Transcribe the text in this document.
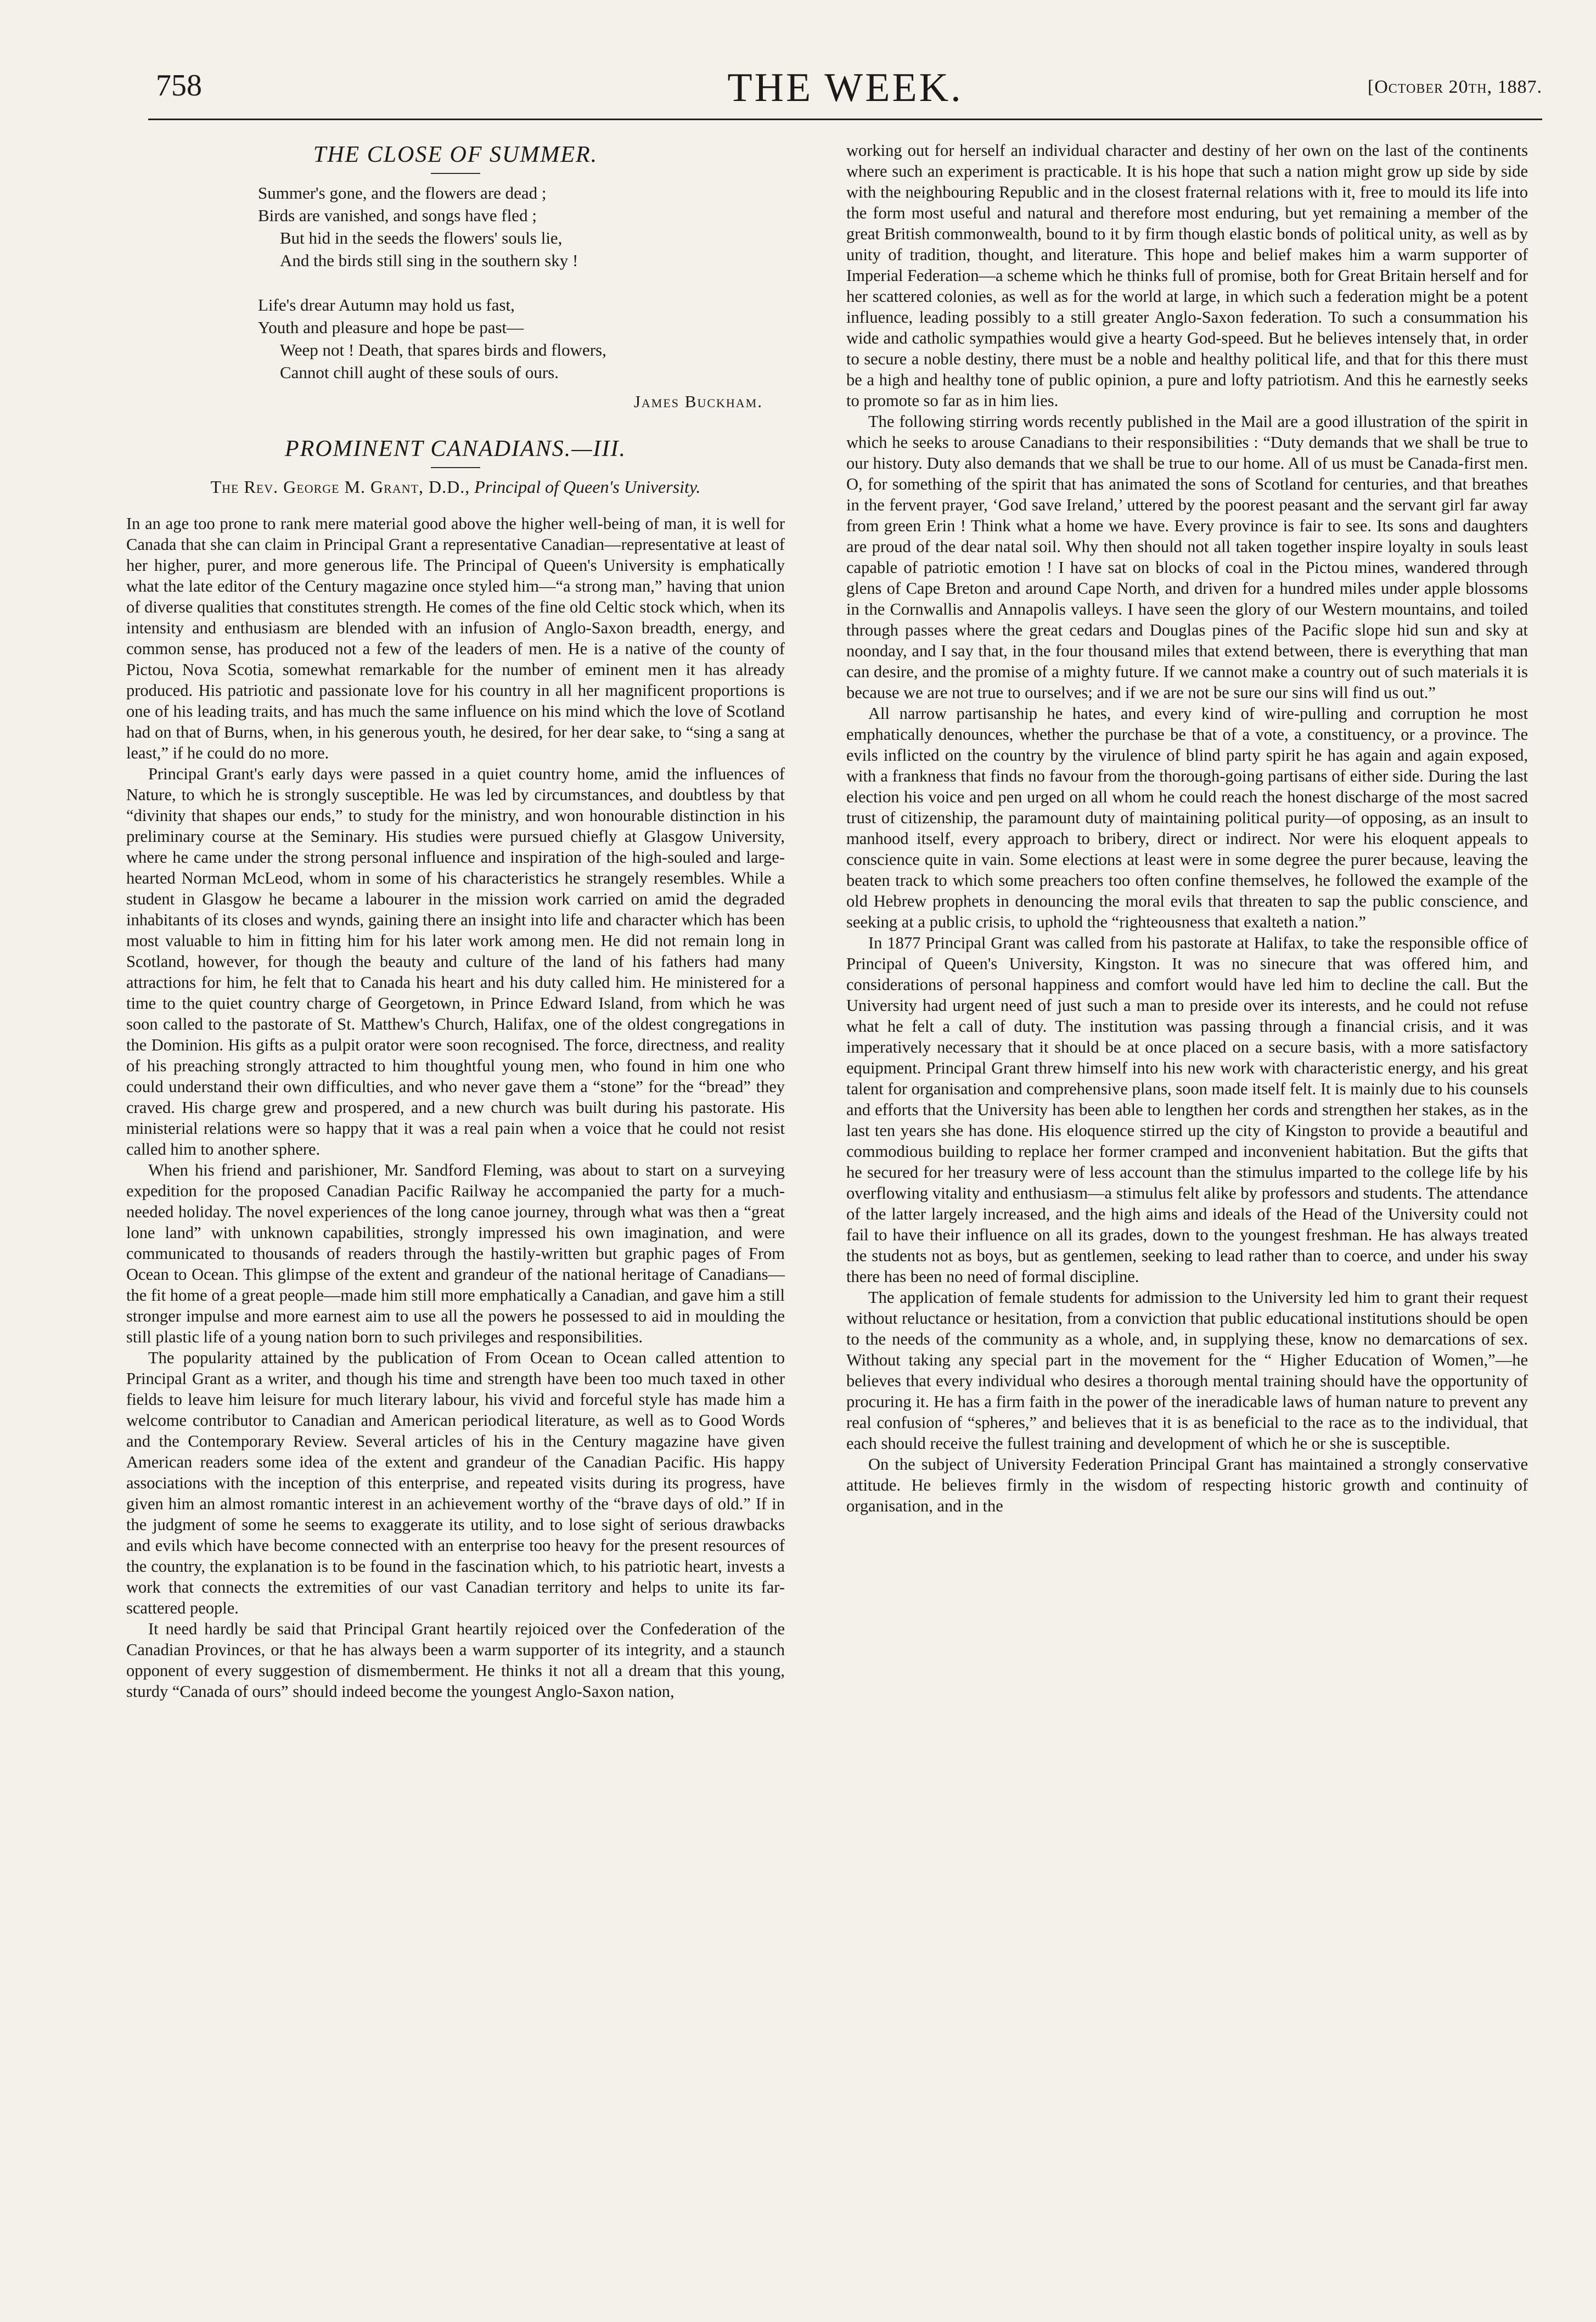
758	THE WEEK.	[October 20th, 1887.
THE CLOSE OF SUMMER.
Summer's gone, and the flowers are dead ;
Birds are vanished, and songs have fled ;
But hid in the seeds the flowers' souls lie,
And the birds still sing in the southern sky !
Life's drear Autumn may hold us fast,
Youth and pleasure and hope be past—
Weep not ! Death, that spares birds and flowers,
Cannot chill aught of these souls of ours.
James Buckham.
PROMINENT CANADIANS.—III.
The Rev. George M. Grant, D.D., Principal of Queen's University.

In an age too prone to rank mere material good above the higher well-being of man, it is well for Canada that she can claim in Principal Grant a representative Canadian—representative at least of her higher, purer, and more generous life. The Principal of Queen's University is emphatically what the late editor of the Century magazine once styled him—“a strong man,” having that union of diverse qualities that constitutes strength. He comes of the fine old Celtic stock which, when its intensity and enthusiasm are blended with an infusion of Anglo-Saxon breadth, energy, and common sense, has produced not a few of the leaders of men. He is a native of the county of Pictou, Nova Scotia, somewhat remarkable for the number of eminent men it has already produced. His patriotic and passionate love for his country in all her magnificent proportions is one of his leading traits, and has much the same influence on his mind which the love of Scotland had on that of Burns, when, in his generous youth, he desired, for her dear sake, to “sing a sang at least,” if he could do no more.

Principal Grant's early days were passed in a quiet country home, amid the influences of Nature, to which he is strongly susceptible. He was led by circumstances, and doubtless by that “divinity that shapes our ends,” to study for the ministry, and won honourable distinction in his preliminary course at the Seminary. His studies were pursued chiefly at Glasgow University, where he came under the strong personal influence and inspiration of the high-souled and large-hearted Norman McLeod, whom in some of his characteristics he strangely resembles. While a student in Glasgow he became a labourer in the mission work carried on amid the degraded inhabitants of its closes and wynds, gaining there an insight into life and character which has been most valuable to him in fitting him for his later work among men. He did not remain long in Scotland, however, for though the beauty and culture of the land of his fathers had many attractions for him, he felt that to Canada his heart and his duty called him. He ministered for a time to the quiet country charge of Georgetown, in Prince Edward Island, from which he was soon called to the pastorate of St. Matthew's Church, Halifax, one of the oldest congregations in the Dominion. His gifts as a pulpit orator were soon recognised. The force, directness, and reality of his preaching strongly attracted to him thoughtful young men, who found in him one who could understand their own difficulties, and who never gave them a “stone” for the “bread” they craved. His charge grew and prospered, and a new church was built during his pastorate. His ministerial relations were so happy that it was a real pain when a voice that he could not resist called him to another sphere.

When his friend and parishioner, Mr. Sandford Fleming, was about to start on a surveying expedition for the proposed Canadian Pacific Railway he accompanied the party for a much-needed holiday. The novel experiences of the long canoe journey, through what was then a “great lone land” with unknown capabilities, strongly impressed his own imagination, and were communicated to thousands of readers through the hastily-written but graphic pages of From Ocean to Ocean. This glimpse of the extent and grandeur of the national heritage of Canadians—the fit home of a great people—made him still more emphatically a Canadian, and gave him a still stronger impulse and more earnest aim to use all the powers he possessed to aid in moulding the still plastic life of a young nation born to such privileges and responsibilities.

The popularity attained by the publication of From Ocean to Ocean called attention to Principal Grant as a writer, and though his time and strength have been too much taxed in other fields to leave him leisure for much literary labour, his vivid and forceful style has made him a welcome contributor to Canadian and American periodical literature, as well as to Good Words and the Contemporary Review. Several articles of his in the Century magazine have given American readers some idea of the extent and grandeur of the Canadian Pacific. His happy associations with the inception of this enterprise, and repeated visits during its progress, have given him an almost romantic interest in an achievement worthy of the “brave days of old.” If in the judgment of some he seems to exaggerate its utility, and to lose sight of serious drawbacks and evils which have become connected with an enterprise too heavy for the present resources of the country, the explanation is to be found in the fascination which, to his patriotic heart, invests a work that connects the extremities of our vast Canadian territory and helps to unite its far-scattered people.

It need hardly be said that Principal Grant heartily rejoiced over the Confederation of the Canadian Provinces, or that he has always been a warm supporter of its integrity, and a staunch opponent of every suggestion of dismemberment. He thinks it not all a dream that this young, sturdy “Canada of ours” should indeed become the youngest Anglo-Saxon nation,

working out for herself an individual character and destiny of her own on the last of the continents where such an experiment is practicable. It is his hope that such a nation might grow up side by side with the neighbouring Republic and in the closest fraternal relations with it, free to mould its life into the form most useful and natural and therefore most enduring, but yet remaining a member of the great British commonwealth, bound to it by firm though elastic bonds of political unity, as well as by unity of tradition, thought, and literature. This hope and belief makes him a warm supporter of Imperial Federation—a scheme which he thinks full of promise, both for Great Britain herself and for her scattered colonies, as well as for the world at large, in which such a federation might be a potent influence, leading possibly to a still greater Anglo-Saxon federation. To such a consummation his wide and catholic sympathies would give a hearty God-speed. But he believes intensely that, in order to secure a noble destiny, there must be a noble and healthy political life, and that for this there must be a high and healthy tone of public opinion, a pure and lofty patriotism. And this he earnestly seeks to promote so far as in him lies.

The following stirring words recently published in the Mail are a good illustration of the spirit in which he seeks to arouse Canadians to their responsibilities : “Duty demands that we shall be true to our history. Duty also demands that we shall be true to our home. All of us must be Canada-first men. O, for something of the spirit that has animated the sons of Scotland for centuries, and that breathes in the fervent prayer, ‘God save Ireland,’ uttered by the poorest peasant and the servant girl far away from green Erin ! Think what a home we have. Every province is fair to see. Its sons and daughters are proud of the dear natal soil. Why then should not all taken together inspire loyalty in souls least capable of patriotic emotion ! I have sat on blocks of coal in the Pictou mines, wandered through glens of Cape Breton and around Cape North, and driven for a hundred miles under apple blossoms in the Cornwallis and Annapolis valleys. I have seen the glory of our Western mountains, and toiled through passes where the great cedars and Douglas pines of the Pacific slope hid sun and sky at noonday, and I say that, in the four thousand miles that extend between, there is everything that man can desire, and the promise of a mighty future. If we cannot make a country out of such materials it is because we are not true to ourselves; and if we are not be sure our sins will find us out.”

All narrow partisanship he hates, and every kind of wire-pulling and corruption he most emphatically denounces, whether the purchase be that of a vote, a constituency, or a province. The evils inflicted on the country by the virulence of blind party spirit he has again and again exposed, with a frankness that finds no favour from the thorough-going partisans of either side. During the last election his voice and pen urged on all whom he could reach the honest discharge of the most sacred trust of citizenship, the paramount duty of maintaining political purity—of opposing, as an insult to manhood itself, every approach to bribery, direct or indirect. Nor were his eloquent appeals to conscience quite in vain. Some elections at least were in some degree the purer because, leaving the beaten track to which some preachers too often confine themselves, he followed the example of the old Hebrew prophets in denouncing the moral evils that threaten to sap the public conscience, and seeking at a public crisis, to uphold the “righteousness that exalteth a nation.”

In 1877 Principal Grant was called from his pastorate at Halifax, to take the responsible office of Principal of Queen's University, Kingston. It was no sinecure that was offered him, and considerations of personal happiness and comfort would have led him to decline the call. But the University had urgent need of just such a man to preside over its interests, and he could not refuse what he felt a call of duty. The institution was passing through a financial crisis, and it was imperatively necessary that it should be at once placed on a secure basis, with a more satisfactory equipment. Principal Grant threw himself into his new work with characteristic energy, and his great talent for organisation and comprehensive plans, soon made itself felt. It is mainly due to his counsels and efforts that the University has been able to lengthen her cords and strengthen her stakes, as in the last ten years she has done. His eloquence stirred up the city of Kingston to provide a beautiful and commodious building to replace her former cramped and inconvenient habitation. But the gifts that he secured for her treasury were of less account than the stimulus imparted to the college life by his overflowing vitality and enthusiasm—a stimulus felt alike by professors and students. The attendance of the latter largely increased, and the high aims and ideals of the Head of the University could not fail to have their influence on all its grades, down to the youngest freshman. He has always treated the students not as boys, but as gentlemen, seeking to lead rather than to coerce, and under his sway there has been no need of formal discipline.

The application of female students for admission to the University led him to grant their request without reluctance or hesitation, from a conviction that public educational institutions should be open to the needs of the community as a whole, and, in supplying these, know no demarcations of sex. Without taking any special part in the movement for the “ Higher Education of Women,”—he believes that every individual who desires a thorough mental training should have the opportunity of procuring it. He has a firm faith in the power of the ineradicable laws of human nature to prevent any real confusion of “spheres,” and believes that it is as beneficial to the race as to the individual, that each should receive the fullest training and development of which he or she is susceptible.

On the subject of University Federation Principal Grant has maintained a strongly conservative attitude. He believes firmly in the wisdom of respecting historic growth and continuity of organisation, and in the
